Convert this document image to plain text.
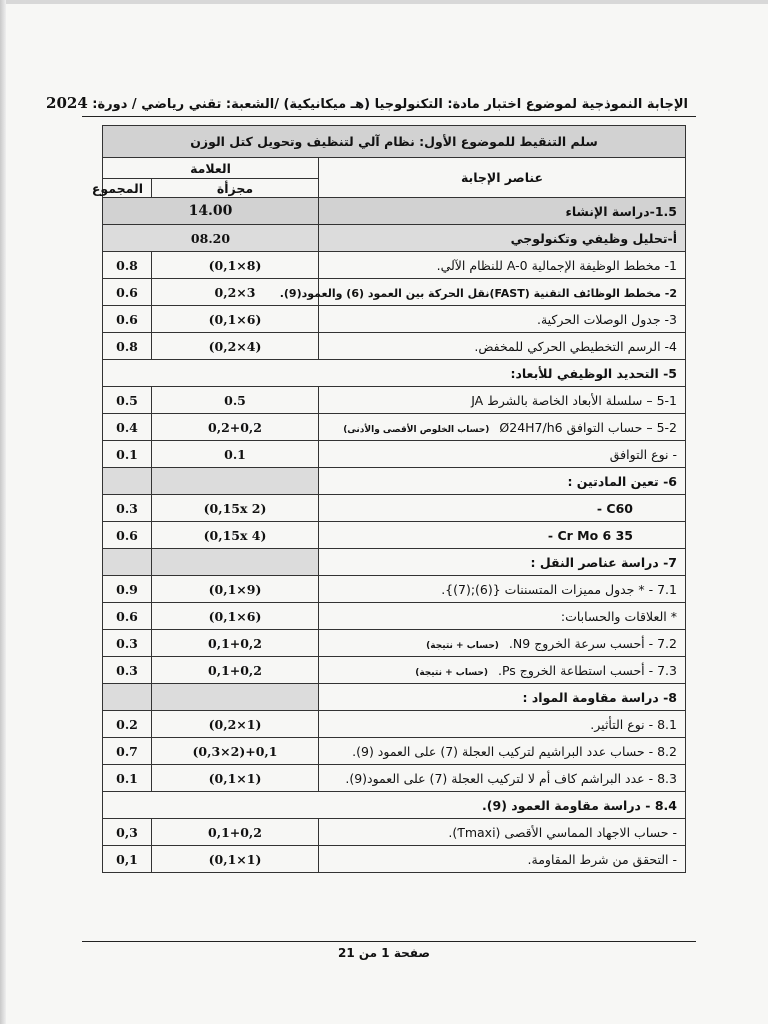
الإجابة النموذجية لموضوع اختبار مادة: التكنولوجيا (هـ ميكانيكية) /الشعبة: تقني رياضي / دورة: 2024
سلم التنقيط للموضوع الأول: نظام آلي لتنظيف وتحويل كتل الوزن		
عناصر الإجابة	العلامة	
	مجزأة	المجموع
1.5-دراسة الإنشاء	14.00	
أ-تحليل وظيفي وتكنولوجي	08.20	
1- مخطط الوظيفة الإجمالية A-0 للنظام الآلي.	(0,1×8)	0.8
2- مخطط الوظائف التقنية (FAST)نقل الحركة بين العمود (6) والعمود(9).	0,2×3	0.6
3- جدول الوصلات الحركية.	(0,1×6)	0.6
4- الرسم التخطيطي الحركي للمخفض.	(0,2×4)	0.8
5- التحديد الوظيفي للأبعاد:		
5-1 – سلسلة الأبعاد الخاصة بالشرط JA	0.5	0.5
5-2 – حساب التوافق Ø24H7/h6(حساب الخلوص الأقصى والأدنى)	0,2+0,2	0.4
- نوع التوافق	0.1	0.1
6- تعين المادتين :		
C60 -	(0,15x 2)	0.3
35 Cr Mo 6 -	(0,15x 4)	0.6
7- دراسة عناصر النقل :		
7.1 - * جدول مميزات المتسننات {(6);(7)}.	(0,1×9)	0.9
* العلاقات والحسابات:	(0,1×6)	0.6
7.2 - أحسب سرعة الخروج N9.(حساب + نتيجة)	0,1+0,2	0.3
7.3 - أحسب استطاعة الخروج Ps.(حساب + نتيجة)	0,1+0,2	0.3
8- دراسة مقاومة المواد :		
8.1 - نوع التأثير.	(0,2×1)	0.2
8.2 - حساب عدد البراشيم لتركيب العجلة (7) على العمود (9).	(0,3×2)+0,1	0.7
8.3 - عدد البراشم كاف أم لا لتركيب العجلة (7) على العمود(9).	(0,1×1)	0.1
8.4 - دراسة مقاومة العمود (9).		
- حساب الاجهاد المماسي الأقصى (Ƭmaxi).	0,1+0,2	0,3
- التحقق من شرط المقاومة.	(0,1×1)	0,1
صفحة 1 من 21
